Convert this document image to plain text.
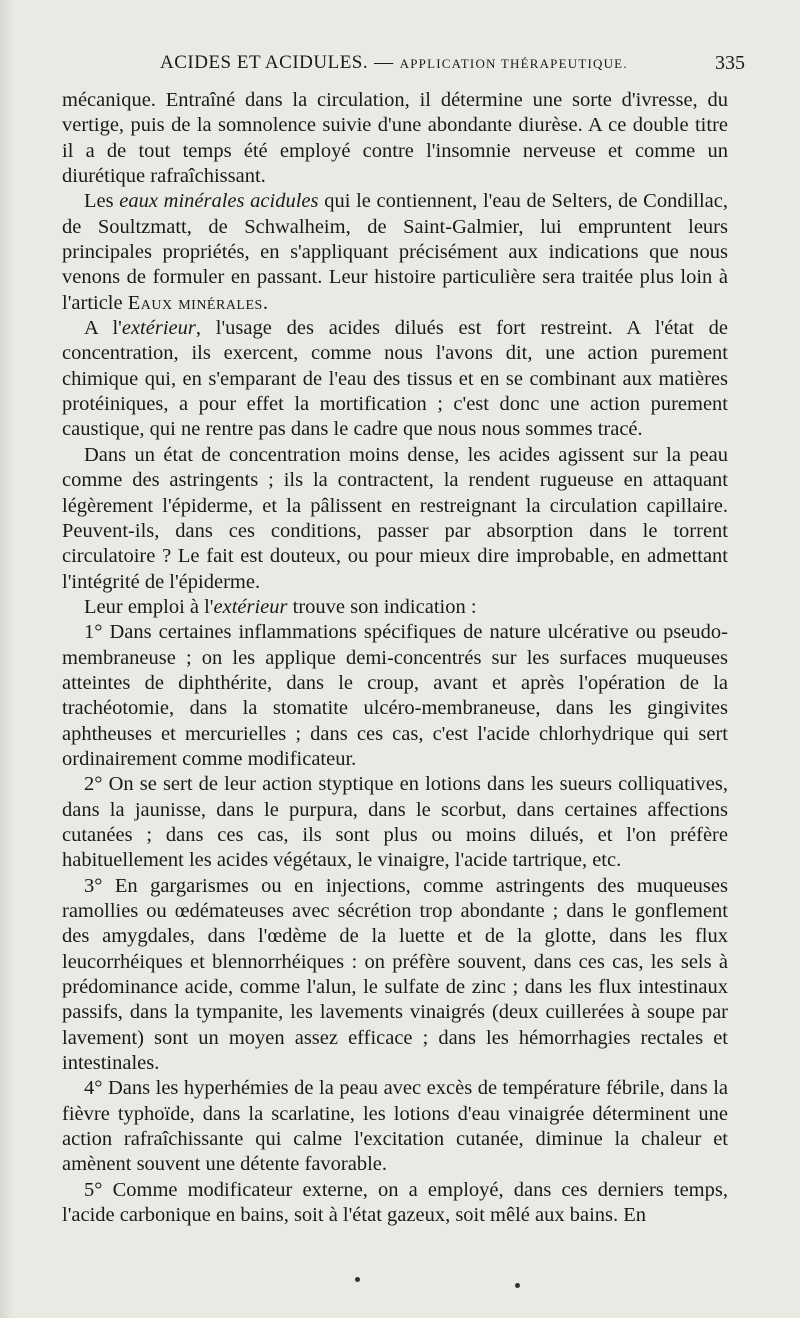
ACIDES ET ACIDULES. — APPLICATION THÉRAPEUTIQUE.	335

mécanique. Entraîné dans la circulation, il détermine une sorte d'ivresse, du vertige, puis de la somnolence suivie d'une abondante diurèse. A ce double titre il a de tout temps été employé contre l'insomnie nerveuse et comme un diurétique rafraîchissant.

Les eaux minérales acidules qui le contiennent, l'eau de Selters, de Condillac, de Soultzmatt, de Schwalheim, de Saint-Galmier, lui empruntent leurs principales propriétés, en s'appliquant précisément aux indications que nous venons de formuler en passant. Leur histoire particulière sera traitée plus loin à l'article Eaux minérales.

A l'extérieur, l'usage des acides dilués est fort restreint. A l'état de concentration, ils exercent, comme nous l'avons dit, une action purement chimique qui, en s'emparant de l'eau des tissus et en se combinant aux matières protéiniques, a pour effet la mortification ; c'est donc une action purement caustique, qui ne rentre pas dans le cadre que nous nous sommes tracé.

Dans un état de concentration moins dense, les acides agissent sur la peau comme des astringents ; ils la contractent, la rendent rugueuse en attaquant légèrement l'épiderme, et la pâlissent en restreignant la circulation capillaire. Peuvent-ils, dans ces conditions, passer par absorption dans le torrent circulatoire ? Le fait est douteux, ou pour mieux dire improbable, en admettant l'intégrité de l'épiderme.

Leur emploi à l'extérieur trouve son indication :

1° Dans certaines inflammations spécifiques de nature ulcérative ou pseudo-membraneuse ; on les applique demi-concentrés sur les surfaces muqueuses atteintes de diphthérite, dans le croup, avant et après l'opération de la trachéotomie, dans la stomatite ulcéro-membraneuse, dans les gingivites aphtheuses et mercurielles ; dans ces cas, c'est l'acide chlorhydrique qui sert ordinairement comme modificateur.

2° On se sert de leur action styptique en lotions dans les sueurs colliquatives, dans la jaunisse, dans le purpura, dans le scorbut, dans certaines affections cutanées ; dans ces cas, ils sont plus ou moins dilués, et l'on préfère habituellement les acides végétaux, le vinaigre, l'acide tartrique, etc.

3° En gargarismes ou en injections, comme astringents des muqueuses ramollies ou œdémateuses avec sécrétion trop abondante ; dans le gonflement des amygdales, dans l'œdème de la luette et de la glotte, dans les flux leucorrhéiques et blennorrhéiques : on préfère souvent, dans ces cas, les sels à prédominance acide, comme l'alun, le sulfate de zinc ; dans les flux intestinaux passifs, dans la tympanite, les lavements vinaigrés (deux cuillerées à soupe par lavement) sont un moyen assez efficace ; dans les hémorrhagies rectales et intestinales.

4° Dans les hyperhémies de la peau avec excès de température fébrile, dans la fièvre typhoïde, dans la scarlatine, les lotions d'eau vinaigrée déterminent une action rafraîchissante qui calme l'excitation cutanée, diminue la chaleur et amènent souvent une détente favorable.

5° Comme modificateur externe, on a employé, dans ces derniers temps, l'acide carbonique en bains, soit à l'état gazeux, soit mêlé aux bains. En
